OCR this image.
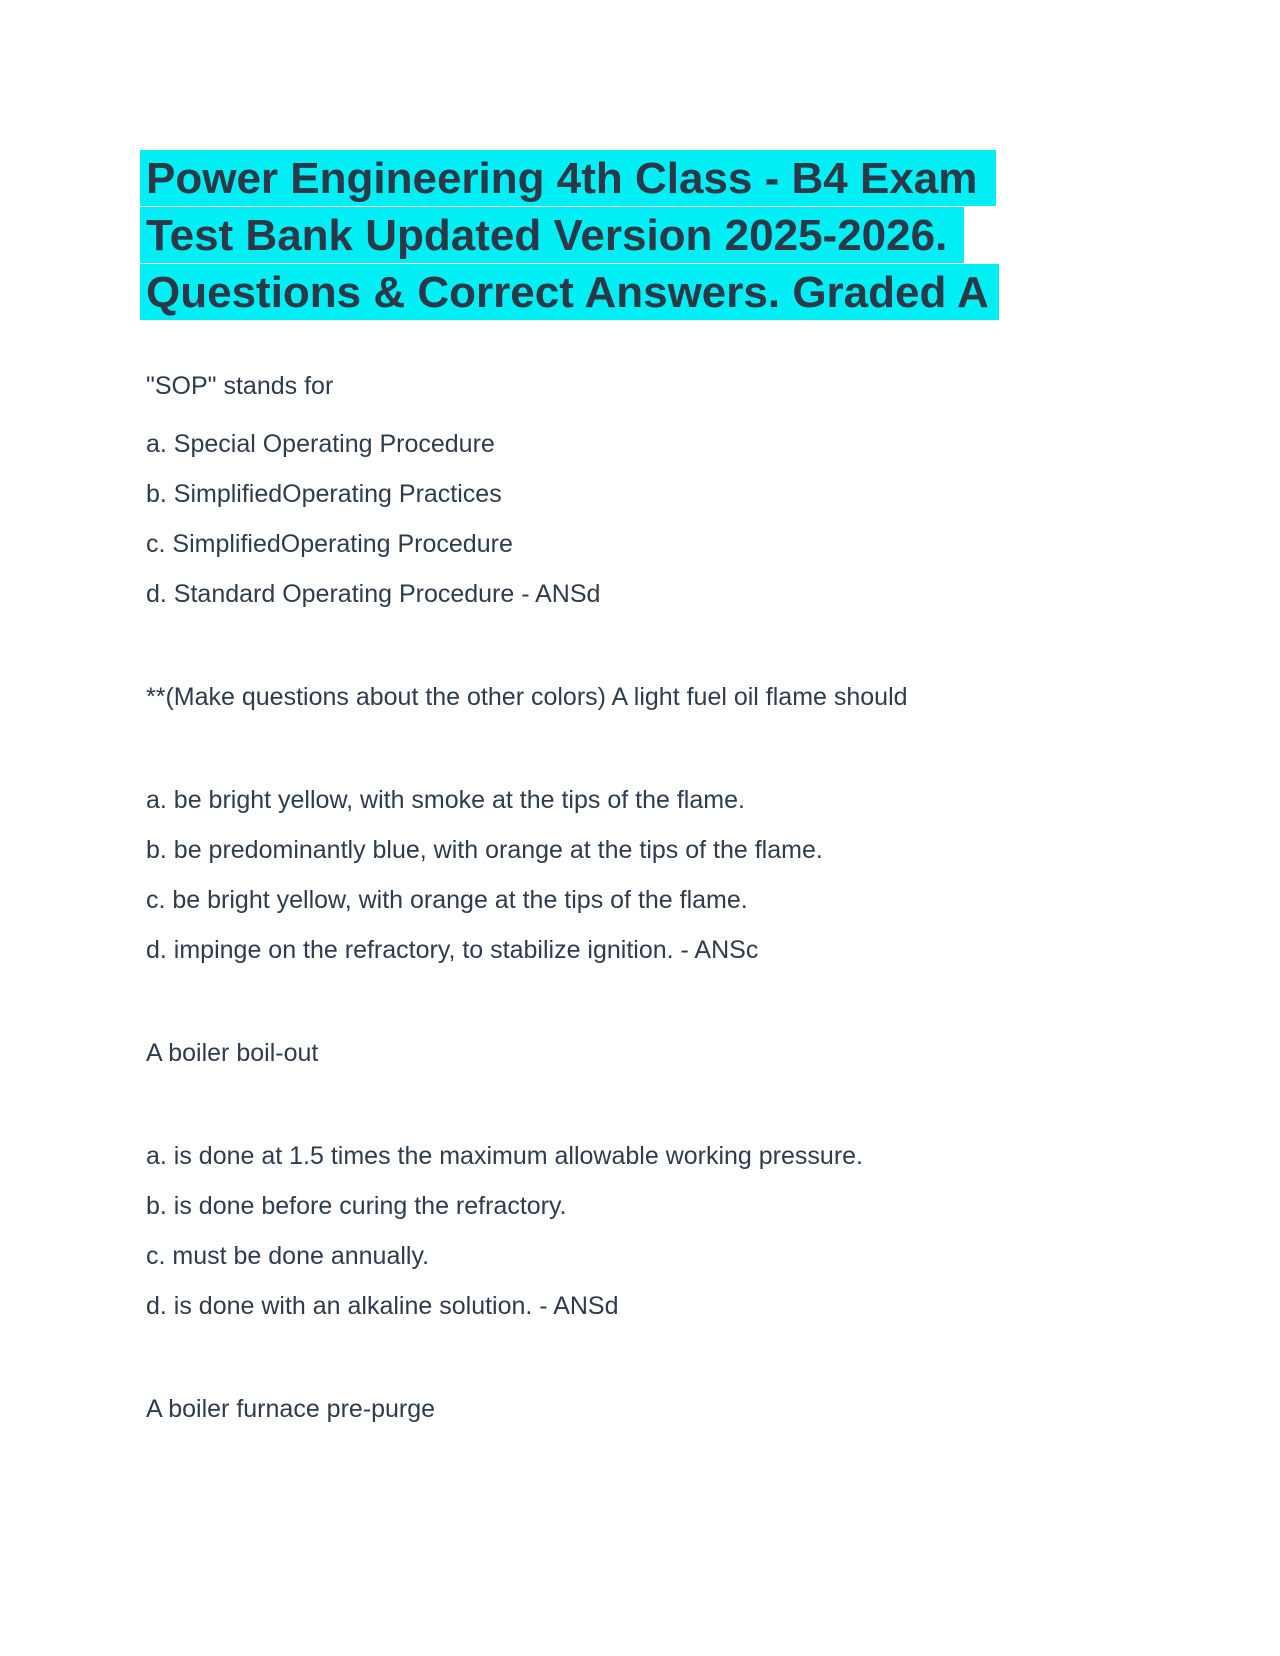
Power Engineering 4th Class - B4 Exam
Test Bank Updated Version 2025-2026.
Questions & Correct Answers. Graded A

"SOP" stands for

a. Special Operating Procedure

b. SimplifiedOperating Practices

c. SimplifiedOperating Procedure

d. Standard Operating Procedure - ANSd

**(Make questions about the other colors) A light fuel oil flame should

a. be bright yellow, with smoke at the tips of the flame.

b. be predominantly blue, with orange at the tips of the flame.

c. be bright yellow, with orange at the tips of the flame.

d. impinge on the refractory, to stabilize ignition. - ANSc

A boiler boil-out

a. is done at 1.5 times the maximum allowable working pressure.

b. is done before curing the refractory.

c. must be done annually.

d. is done with an alkaline solution. - ANSd

A boiler furnace pre-purge
